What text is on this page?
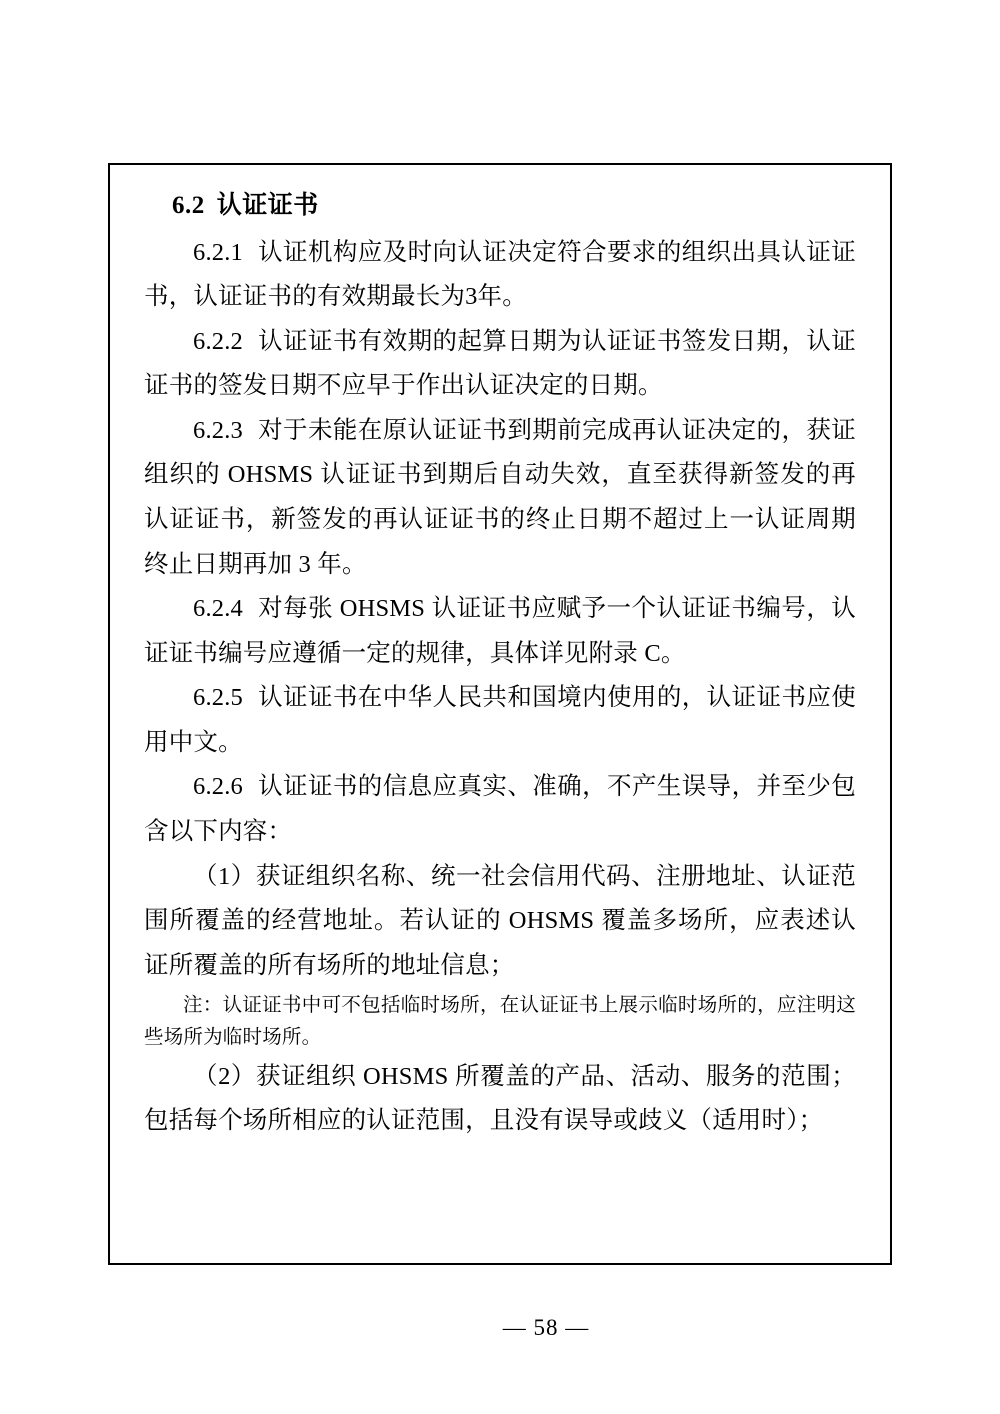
6.2 认证证书

6.2.1 认证机构应及时向认证决定符合要求的组织出具认证证书，认证证书的有效期最长为3年。

6.2.2 认证证书有效期的起算日期为认证证书签发日期，认证证书的签发日期不应早于作出认证决定的日期。

6.2.3 对于未能在原认证证书到期前完成再认证决定的，获证组织的 OHSMS 认证证书到期后自动失效，直至获得新签发的再认证证书，新签发的再认证证书的终止日期不超过上一认证周期终止日期再加 3 年。

6.2.4 对每张 OHSMS 认证证书应赋予一个认证证书编号，认证证书编号应遵循一定的规律，具体详见附录 C。

6.2.5 认证证书在中华人民共和国境内使用的，认证证书应使用中文。

6.2.6 认证证书的信息应真实、准确，不产生误导，并至少包含以下内容：

（1）获证组织名称、统一社会信用代码、注册地址、认证范围所覆盖的经营地址。若认证的 OHSMS 覆盖多场所，应表述认证所覆盖的所有场所的地址信息；

注：认证证书中可不包括临时场所，在认证证书上展示临时场所的，应注明这些场所为临时场所。

（2）获证组织 OHSMS 所覆盖的产品、活动、服务的范围；包括每个场所相应的认证范围，且没有误导或歧义（适用时）；

— 58 —
